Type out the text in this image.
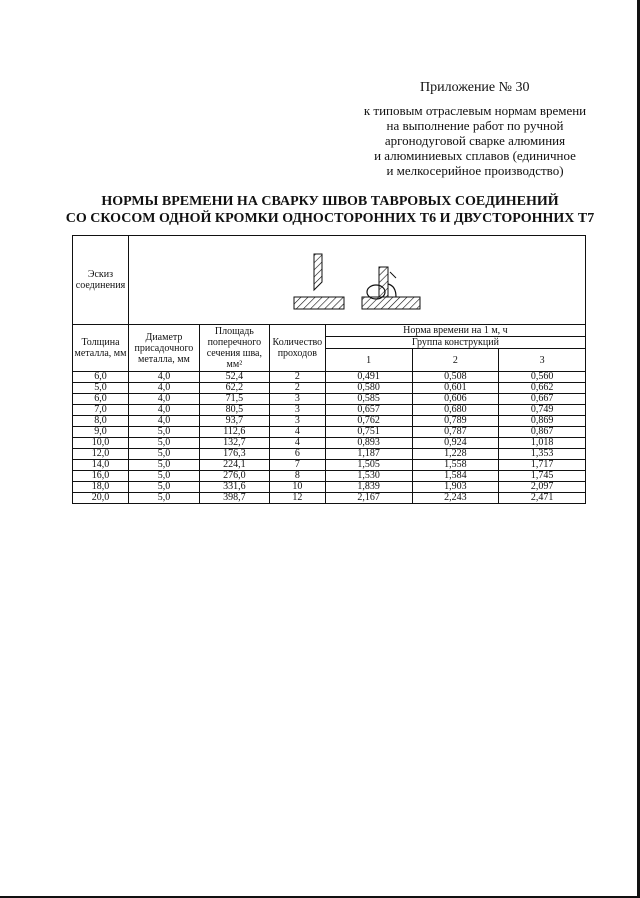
Приложение № 30
к типовым отраслевым нормам времени
на выполнение работ по ручной
аргонодуговой сварке алюминия
и алюминиевых сплавов (единичное
и мелкосерийное производство)
НОРМЫ ВРЕМЕНИ НА СВАРКУ ШВОВ ТАВРОВЫХ СОЕДИНЕНИЙ
СО СКОСОМ ОДНОЙ КРОМКИ ОДНОСТОРОННИХ Т6 И ДВУСТОРОННИХ Т7
Эскиз соединения	

Толщина металла, мм	Диаметр присадочного металла, мм	Площадь поперечного сечения шва, мм²	Количество проходов	Норма времени на 1 м, ч		
				Группа конструкций		
				1	2	3
6,0	4,0	52,4	2	0,491	0,508	0,560
5,0	4,0	62,2	2	0,580	0,601	0,662
6,0	4,0	71,5	3	0,585	0,606	0,667
7,0	4,0	80,5	3	0,657	0,680	0,749
8,0	4,0	93,7	3	0,762	0,789	0,869
9,0	5,0	112,6	4	0,751	0,787	0,867
10,0	5,0	132,7	4	0,893	0,924	1,018
12,0	5,0	176,3	6	1,187	1,228	1,353
14,0	5,0	224,1	7	1,505	1,558	1,717
16,0	5,0	276,0	8	1,530	1,584	1,745
18,0	5,0	331,6	10	1,839	1,903	2,097
20,0	5,0	398,7	12	2,167	2,243	2,471
